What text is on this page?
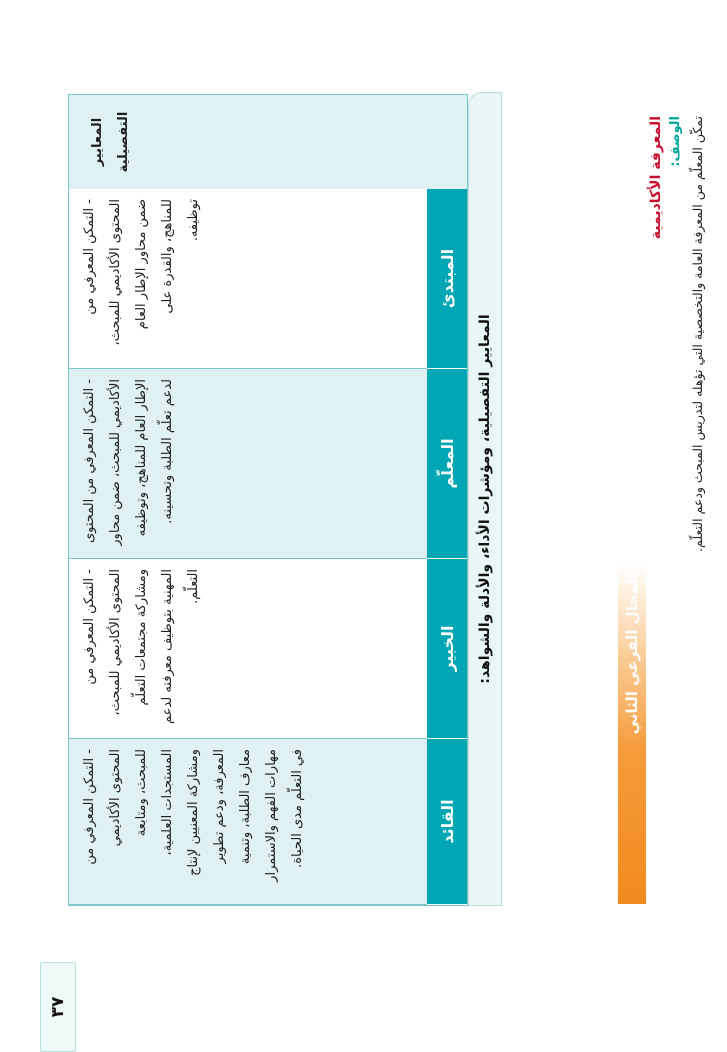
٣٧
المجال الفرعي الثاني
المعرفة الأكاديمية الوصف: تمكّن المعلّم من المعرفة العامة والتخصصية التي تؤهله لتدريس المبحث ودعم التعلّم.
المعايير التفصيلية، ومؤشرات الأداء، والأدلة والشواهد:
القائد
الخبير
المعلّم
المبتدئ
- التمكن المعرفي من المحتوى الأكاديمي للمبحث، ومتابعة المستجدات العلمية، ومشاركة المعنيين لإنتاج المعرفة، ودعم تطوير معارف الطلبة، وتنمية مهارات الفهم والاستمرار في التعلّم مدى الحياة.
- التمكن المعرفي من المحتوى الأكاديمي للمبحث، ومشاركة مجتمعات التعلّم المهنية بتوظيف معرفته لدعم التعلّم.
- التمكن المعرفي من المحتوى الأكاديمي للمبحث، ضمن محاور الإطار العام للمناهج، وتوظيفه لدعم تعلّم الطلبة وتحسينه.
- التمكن المعرفي من المحتوى الأكاديمي للمبحث، ضمن محاور الإطار العام للمناهج، والقدرة على توظيفه.
المعايير التفصيلية
